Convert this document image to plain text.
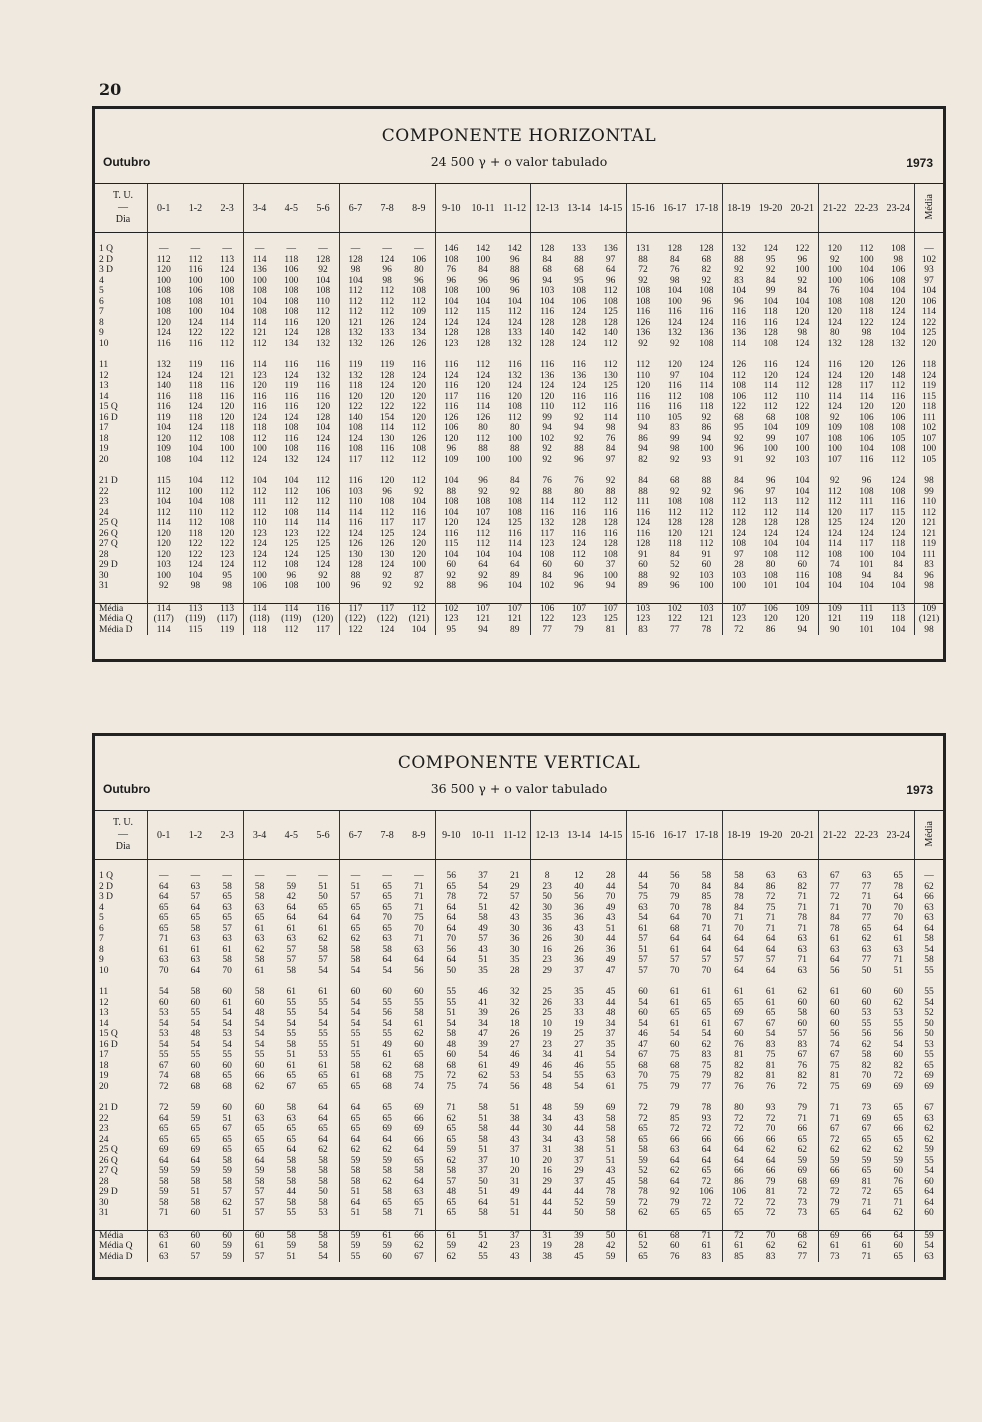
20
COMPONENTE HORIZONTAL
24 500 γ + o valor tabulado
Outubro	1973
T. U.
—
Dia	0-1	1-2	2-3	3-4	4-5	5-6	6-7	7-8	8-9	9-10	10-11	11-12	12-13	13-14	14-15	15-16	16-17	17-18	18-19	19-20	20-21	21-22	22-23	23-24	Média

1 Q	—	—	—	—	—	—	—	—	—	146	142	142	128	133	136	131	128	128	132	124	122	120	112	108	—
2 D	112	112	113	114	118	128	128	124	106	108	100	96	84	88	97	88	84	68	88	95	96	92	100	98	102
3 D	120	116	124	136	106	92	98	96	80	76	84	88	68	68	64	72	76	82	92	92	100	100	104	106	93
4	100	100	100	100	100	104	104	98	96	96	96	96	94	95	96	92	98	92	83	84	92	100	106	108	97
5	108	106	108	108	108	108	112	112	108	108	100	96	103	108	112	108	104	108	104	99	84	76	104	104	104
6	108	108	101	104	108	110	112	112	112	104	104	104	104	106	108	108	100	96	96	104	104	108	108	120	106
7	108	100	104	108	108	112	112	112	109	112	115	112	116	124	125	116	116	116	116	118	120	120	118	124	114
8	120	124	114	114	116	120	121	126	124	124	124	124	128	128	128	126	124	124	116	116	124	124	122	124	122
9	124	122	122	121	124	128	132	133	134	128	128	133	140	142	140	136	132	136	136	128	98	80	98	104	125
10	116	116	112	112	134	132	132	126	126	123	128	132	128	124	112	92	92	108	114	108	124	132	128	132	120

11	132	119	116	114	116	116	119	119	116	116	112	116	116	116	112	112	120	124	126	116	124	116	120	126	118
12	124	124	121	123	124	132	132	128	124	124	124	132	136	136	130	110	97	104	112	120	124	124	120	148	124
13	140	118	116	120	119	116	118	124	120	116	120	124	124	124	125	120	116	114	108	114	112	128	117	112	119
14	116	118	116	116	116	116	120	120	120	117	116	120	120	116	116	116	112	108	106	112	110	114	114	116	115
15 Q	116	124	120	116	116	120	122	122	122	116	114	108	110	112	116	116	116	118	122	112	122	124	120	120	118
16 D	119	118	120	124	124	128	140	154	120	126	126	112	99	92	114	110	105	92	68	68	108	92	106	106	111
17	104	124	118	118	108	104	108	114	112	106	80	80	94	94	98	94	83	86	95	104	109	109	108	108	102
18	120	112	108	112	116	124	124	130	126	120	112	100	102	92	76	86	99	94	92	99	107	108	106	105	107
19	109	104	100	100	108	116	108	116	108	96	88	88	92	88	84	94	98	100	96	100	100	100	104	108	100
20	108	104	112	124	132	124	117	112	112	109	100	100	92	96	97	82	92	93	91	92	103	107	116	112	105

21 D	115	104	112	104	104	112	116	120	112	104	96	84	76	76	92	84	68	88	84	96	104	92	96	124	98
22	112	100	112	112	112	106	103	96	92	88	92	92	88	80	88	88	92	92	96	97	104	112	108	108	99
23	104	104	108	111	112	112	110	108	104	108	108	108	114	112	112	111	108	108	112	113	112	112	111	116	110
24	112	110	112	112	108	114	114	112	116	104	107	108	116	116	116	116	112	112	112	112	114	120	117	115	112
25 Q	114	112	108	110	114	114	116	117	117	120	124	125	132	128	128	124	128	128	128	128	128	125	124	120	121
26 Q	120	118	120	123	123	122	124	125	124	116	112	116	117	116	116	116	120	121	124	124	124	124	124	124	121
27 Q	120	122	122	124	125	125	126	126	120	115	112	114	123	124	128	128	118	112	108	104	104	114	117	118	119
28	120	122	123	124	124	125	130	130	120	104	104	104	108	112	108	91	84	91	97	108	112	108	100	104	111
29 D	103	124	124	112	108	124	128	124	100	60	64	64	60	60	37	60	52	60	28	80	60	74	101	84	83
30	100	104	95	100	96	92	88	92	87	92	92	89	84	96	100	88	92	103	103	108	116	108	94	84	96
31	92	98	98	106	108	100	96	92	92	88	96	104	102	96	94	89	96	100	100	101	104	104	104	104	98

Média	114	113	113	114	114	116	117	117	112	102	107	107	106	107	107	103	102	103	107	106	109	109	111	113	109
Média Q	(117)	(119)	(117)	(118)	(119)	(120)	(122)	(122)	(121)	123	121	121	122	123	125	123	122	121	123	120	120	121	119	118	(121)
Média D	114	115	119	118	112	117	122	124	104	95	94	89	77	79	81	83	77	78	72	86	94	90	101	104	98
COMPONENTE VERTICAL
36 500 γ + o valor tabulado
Outubro	1973
T. U.
—
Dia	0-1	1-2	2-3	3-4	4-5	5-6	6-7	7-8	8-9	9-10	10-11	11-12	12-13	13-14	14-15	15-16	16-17	17-18	18-19	19-20	20-21	21-22	22-23	23-24	Média

1 Q	—	—	—	—	—	—	—	—	—	56	37	21	8	12	28	44	56	58	58	63	63	67	63	65	—
2 D	64	63	58	58	59	51	51	65	71	65	54	29	23	40	44	54	70	84	84	86	82	77	77	78	62
3 D	64	57	65	58	42	50	57	65	71	78	72	57	50	56	70	75	79	85	78	72	71	72	71	64	66
4	65	64	63	63	64	65	65	65	71	64	51	42	30	36	49	63	70	78	84	75	71	71	70	70	63
5	65	65	65	65	64	64	64	70	75	64	58	43	35	36	43	54	64	70	71	71	78	84	77	70	63
6	65	58	57	61	61	61	65	65	70	64	49	30	36	43	51	61	68	71	70	71	71	78	65	64	64
7	71	63	63	63	63	62	62	63	71	70	57	36	26	30	44	57	64	64	64	64	63	61	62	61	58
8	61	61	61	62	57	58	58	58	63	56	43	30	16	26	36	51	61	64	64	64	63	63	63	63	54
9	63	63	58	58	57	57	58	64	64	64	51	35	23	36	49	57	57	57	57	57	71	64	77	71	58
10	70	64	70	61	58	54	54	54	56	50	35	28	29	37	47	57	70	70	64	64	63	56	50	51	55

11	54	58	60	58	61	61	60	60	60	55	46	32	25	35	45	60	61	61	61	61	62	61	60	60	55
12	60	60	61	60	55	55	54	55	55	55	41	32	26	33	44	54	61	65	65	61	60	60	60	62	54
13	53	55	54	48	55	54	54	56	58	51	39	26	25	33	48	60	65	65	69	65	58	60	53	53	52
14	54	54	54	54	54	54	54	54	61	54	34	18	10	19	34	54	61	61	67	67	60	60	55	55	50
15 Q	53	48	53	54	55	55	55	55	62	58	47	26	19	25	37	46	54	54	60	54	57	56	56	56	50
16 D	54	54	54	54	58	55	51	49	60	48	39	27	23	27	35	47	60	62	76	83	83	74	62	54	53
17	55	55	55	55	51	53	55	61	65	60	54	46	34	41	54	67	75	83	81	75	67	67	58	60	55
18	67	60	60	60	61	61	58	62	68	68	61	49	46	46	55	68	68	75	82	81	76	75	82	82	65
19	74	68	65	66	65	65	61	68	75	72	62	53	54	55	63	70	75	79	82	81	82	81	70	72	69
20	72	68	68	62	67	65	65	68	74	75	74	56	48	54	61	75	79	77	76	76	72	75	69	69	69

21 D	72	59	60	60	58	64	64	65	69	71	58	51	48	59	69	72	79	78	80	93	79	71	73	65	67
22	64	59	51	63	63	64	65	65	66	62	51	38	34	43	58	72	85	93	72	72	71	71	69	65	63
23	65	65	67	65	65	65	65	69	69	65	58	44	30	44	58	65	72	72	72	70	66	67	67	66	62
24	65	65	65	65	65	64	64	64	66	65	58	43	34	43	58	65	66	66	66	66	65	72	65	65	62
25 Q	69	69	65	65	64	62	62	62	64	59	51	37	31	38	51	58	63	64	64	62	62	62	62	62	59
26 Q	64	64	58	64	58	58	59	59	65	62	37	10	20	37	51	59	64	64	64	64	59	59	59	59	55
27 Q	59	59	59	59	58	58	58	58	58	58	37	20	16	29	43	52	62	65	66	66	69	66	65	60	54
28	58	58	58	58	58	58	58	62	64	57	50	31	29	37	45	58	64	72	86	79	68	69	81	76	60
29 D	59	51	57	57	44	50	51	58	63	48	51	49	44	44	78	78	92	106	106	81	72	72	72	65	64
30	58	58	62	57	58	58	64	65	65	65	64	51	44	52	59	72	79	72	72	72	73	79	71	71	64
31	71	60	51	57	55	53	51	58	71	65	58	51	44	50	58	62	65	65	65	72	73	65	64	62	60

Média	63	60	60	60	58	58	59	61	66	61	51	37	31	39	50	61	68	71	72	70	68	69	66	64	59
Média Q	61	60	59	61	59	58	59	59	62	59	42	23	19	28	42	52	60	61	61	62	62	61	61	60	54
Média D	63	57	59	57	51	54	55	60	67	62	55	43	38	45	59	65	76	83	85	83	77	73	71	65	63
